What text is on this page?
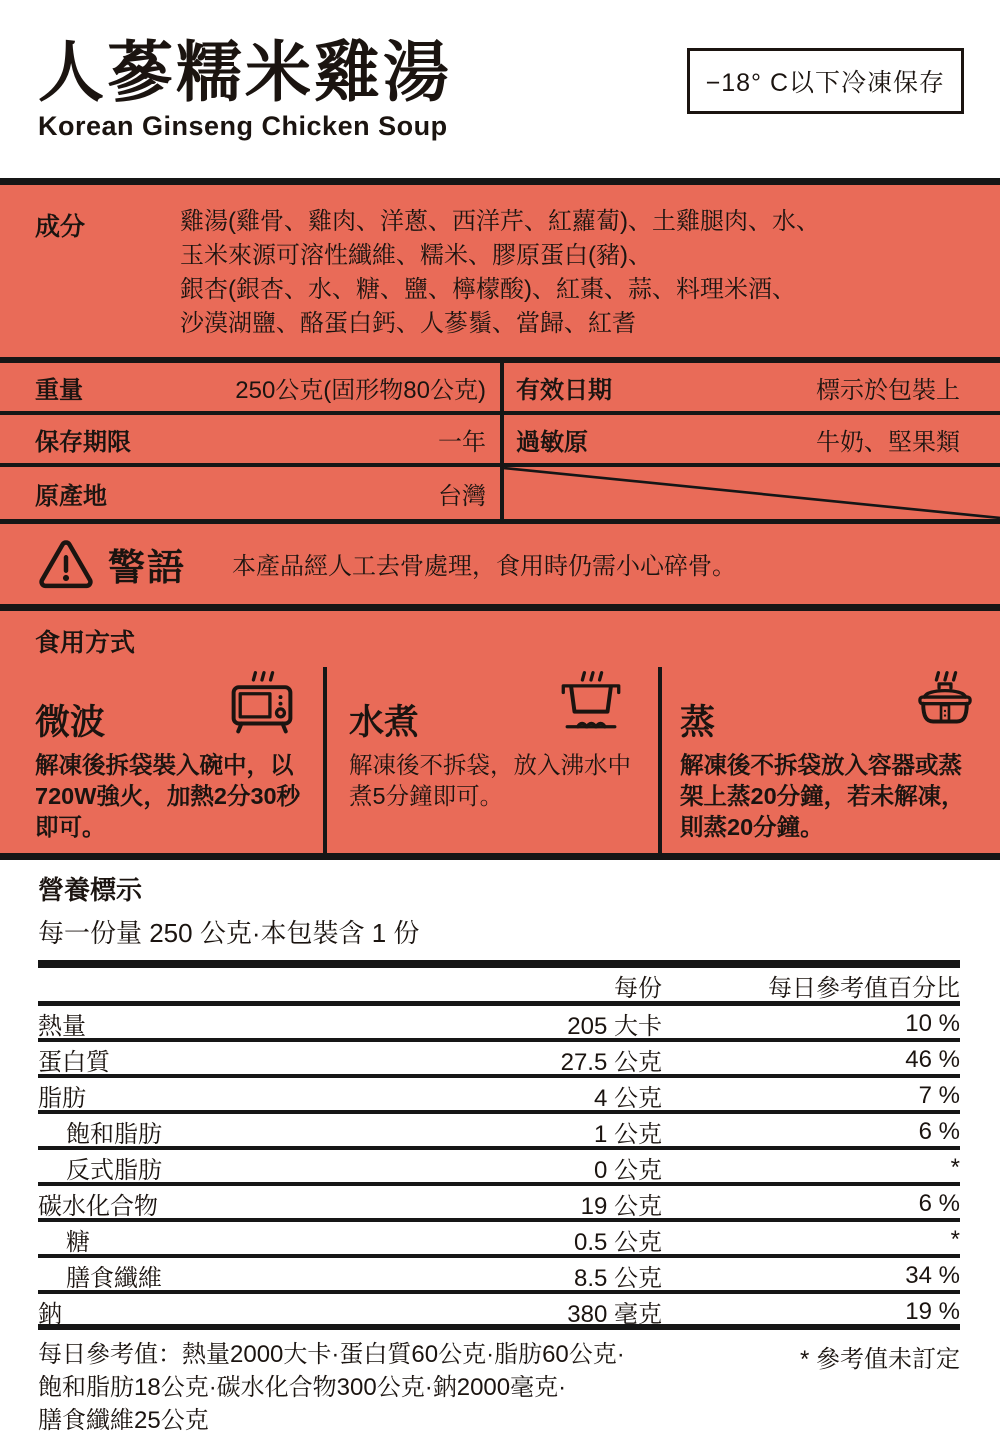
人蔘糯米雞湯
Korean Ginseng Chicken Soup
−18° C以下冷凍保存
成分	雞湯(雞骨、雞肉、洋蔥、西洋芹、紅蘿蔔)、土雞腿肉、水、
玉米來源可溶性纖維、糯米、膠原蛋白(豬)、
銀杏(銀杏、水、糖、鹽、檸檬酸)、紅棗、蒜、料理米酒、
沙漠湖鹽、酪蛋白鈣、人蔘鬚、當歸、紅耆
重量	250公克(固形物80公克) 有效日期	標示於包裝上
保存期限	一年 過敏原	牛奶、堅果類
原產地	台灣
警語 本產品經人工去骨處理，食用時仍需小心碎骨。
食用方式
微波
解凍後拆袋裝入碗中，以720W強火，加熱2分30秒即可。
水煮
解凍後不拆袋，放入沸水中煮5分鐘即可。
蒸
解凍後不拆袋放入容器或蒸架上蒸20分鐘，若未解凍，則蒸20分鐘。
營養標示
每一份量 250 公克·本包裝含 1 份
每份	每日參考值百分比
熱量	205 大卡	10 %
蛋白質	27.5 公克	46 %
脂肪	4 公克	7 %
飽和脂肪	1 公克	6 %
反式脂肪	0 公克	*
碳水化合物	19 公克	6 %
糖	0.5 公克	*
膳食纖維	8.5 公克	34 %
鈉	380 毫克	19 %
每日參考值：熱量2000大卡·蛋白質60公克·脂肪60公克·
飽和脂肪18公克·碳水化合物300公克·鈉2000毫克·
膳食纖維25公克
* 參考值未訂定
